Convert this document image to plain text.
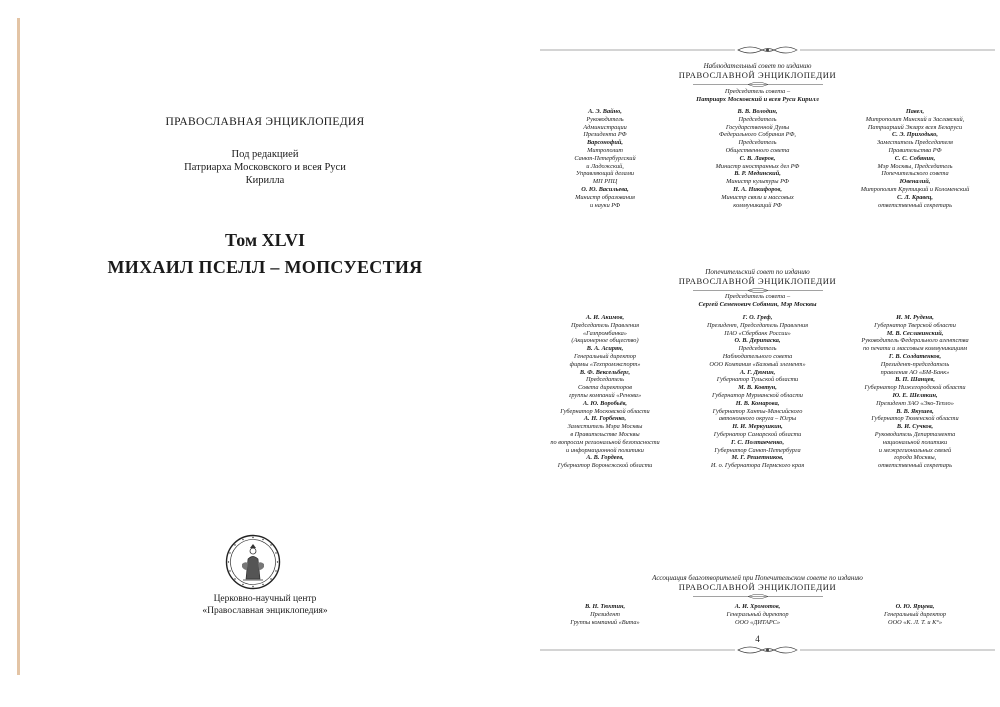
ПРАВОСЛАВНАЯ ЭНЦИКЛОПЕДИЯ
Под редакцией
Патриарха Московского и всея Руси
Кирилла
Том XLVI
МИХАИЛ ПСЕЛЛ – МОПСУЕСТИЯ
Церковно-научный центр
«Православная энциклопедия»
Наблюдательный совет по изданию
ПРАВОСЛАВНОЙ ЭНЦИКЛОПЕДИИ
Председатель совета –
Патриарх Московский и всея Руси Кирилл
А. Э. Вайно,
Руководитель
Администрации
Президента РФ
Варсонофий,
Митрополит
Санкт-Петербургский
и Ладожский,
Управляющий делами
МП РПЦ
О. Ю. Васильева,
Министр образования
и науки РФ
В. В. Володин,
Председатель
Государственной Думы
Федерального Собрания РФ,
Председатель
Общественного совета
С. В. Лавров,
Министр иностранных дел РФ
В. Р. Мединский,
Министр культуры РФ
Н. А. Никифоров,
Министр связи и массовых
коммуникаций РФ
Павел,
Митрополит Минский и Заславский,
Патриарший Экзарх всея Беларуси
С. Э. Приходько,
Заместитель Председателя
Правительства РФ
С. С. Собянин,
Мэр Москвы, Председатель
Попечительского совета
Ювеналий,
Митрополит Крутицкий и Коломенский
С. Л. Кравец,
ответственный секретарь
Попечительский совет по изданию
ПРАВОСЛАВНОЙ ЭНЦИКЛОПЕДИИ
Председатель совета –
Сергей Семенович Собянин, Мэр Москвы
А. И. Акимов,
Председатель Правления
«Газпромбанка»
(Акционерное общество)
В. А. Асирян,
Генеральный директор
фирмы «Техпромэкспорт»
В. Ф. Вексельберг,
Председатель
Совета директоров
группы компаний «Ренова»
А. Ю. Воробьёв,
Губернатор Московской области
А. Н. Горбенко,
Заместитель Мэра Москвы
в Правительстве Москвы
по вопросам региональной безопасности
и информационной политики
А. В. Гордеев,
Губернатор Воронежской области
Г. О. Греф,
Президент, Председатель Правления
ПАО «Сбербанк России»
О. В. Дерипаска,
Председатель
Наблюдательного совета
ООО Компания «Базовый элемент»
А. Г. Дюмин,
Губернатор Тульской области
М. В. Ковтун,
Губернатор Мурманской области
Н. В. Комарова,
Губернатор Ханты-Мансийского
автономного округа – Югры
Н. И. Меркушкин,
Губернатор Самарской области
Г. С. Полтавченко,
Губернатор Санкт-Петербурга
М. Г. Решетников,
И. о. Губернатора Пермского края
И. М. Руденя,
Губернатор Тверской области
М. В. Сеславинский,
Руководитель Федерального агентства
по печати и массовым коммуникациям
Г. В. Солдатенков,
Президент-председатель
правления АО «БМ-Банк»
В. П. Шанцев,
Губернатор Нижегородской области
Ю. Е. Шелякин,
Президент ЗАО «Эко-Тепло»
В. В. Якушев,
Губернатор Тюменской области
В. И. Сучков,
Руководитель Департамента
национальной политики
и межрегиональных связей
города Москвы,
ответственный секретарь
Ассоциация благотворителей при Попечительском совете по изданию
ПРАВОСЛАВНОЙ ЭНЦИКЛОПЕДИИ
В. Н. Тюхтин,
Президент
Группы компаний «Вита»
А. И. Хромотов,
Генеральный директор
ООО «ДИТАРС»
О. Ю. Ярцева,
Генеральный директор
ООО «К. Л. Т. и К°»
4
